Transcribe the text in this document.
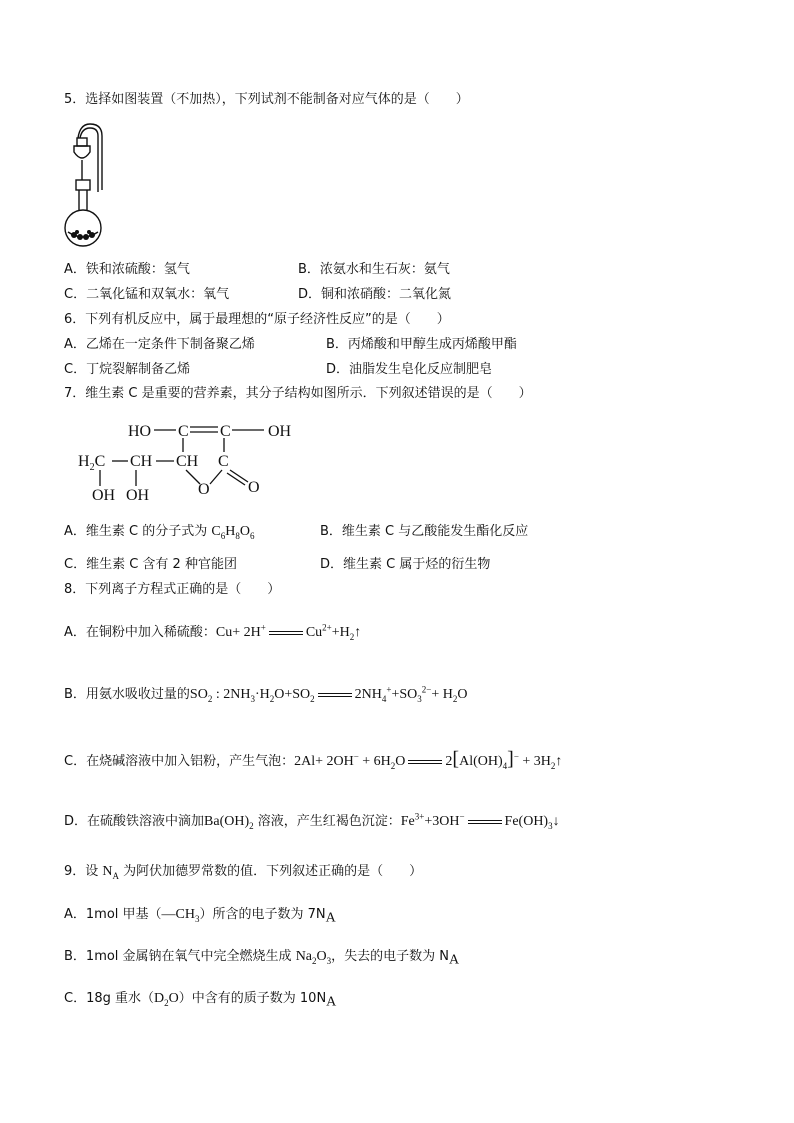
5．选择如图装置（不加热），下列试剂不能制备对应气体的是（　　）
A．铁和浓硫酸：氢气	B．浓氨水和生石灰：氨气
C．二氧化锰和双氧水：氧气	D．铜和浓硝酸：二氧化氮
6．下列有机反应中，属于最理想的“原子经济性反应”的是（　　）
A．乙烯在一定条件下制备聚乙烯	B．丙烯酸和甲醇生成丙烯酸甲酯
C．丁烷裂解制备乙烯	D．油脂发生皂化反应制肥皂
7．维生素 C 是重要的营养素，其分子结构如图所示．下列叙述错误的是（　　）
HO C C OH
$H_2C$ CH CH C
OH OH	O O
A．维生素 C 的分子式为 $C_6H_8O_6$	B．维生素 C 与乙酸能发生酯化反应
C．维生素 C 含有 2 种官能团	D．维生素 C 属于烃的衍生物
8．下列离子方程式正确的是（　　）
A．在铜粉中加入稀硫酸：Cu+ 2H+	$Cu^{2+}+H_2↑$
B．用氨水吸收过量的$SO_2$ : $2NH_3\cdot H_2O+SO_2$	$2NH_4^++SO_3^{2-}+ H_2O$
C．在烧碱溶液中加入铝粉，产生气泡：$2Al+ 2OH^- + 6H_2O$	$2[Al(OH)_4]^-$ + $3H_2↑$
D．在硫酸铁溶液中滴加$Ba(OH)_2$ 溶液，产生红褐色沉淀：$Fe^{3+}+3OH^-$	$Fe(OH)_3↓$
9．设 $N_A$ 为阿伏加德罗常数的值．下列叙述正确的是（　　）
A．1mol 甲基$(—CH_3)$所含的电子数为 $7N_A$
B．1mol 金属钠在氧气中完全燃烧生成 $Na_2O_3$，失去的电子数为 $N_A$
C．18g 重水$(D_2O)$中含有的质子数为 $10N_A$
